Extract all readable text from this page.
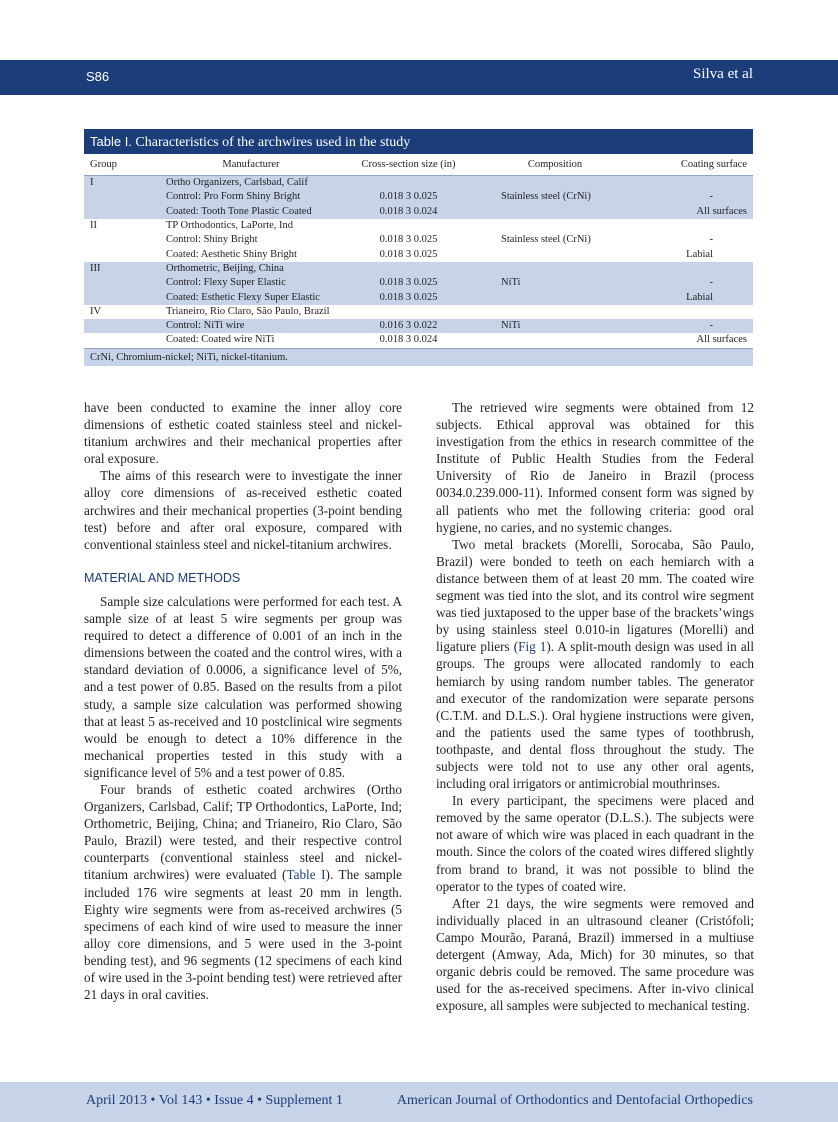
S86	Silva et al
Table I. Characteristics of the archwires used in the study
Group	Manufacturer	Cross-section size (in)	Composition	Coating surface
I	Ortho Organizers, Carlsbad, Calif			
	Control: Pro Form Shiny Bright	0.018 3 0.025	Stainless steel (CrNi)	-
	Coated: Tooth Tone Plastic Coated	0.018 3 0.024		All surfaces
II	TP Orthodontics, LaPorte, Ind			
	Control: Shiny Bright	0.018 3 0.025	Stainless steel (CrNi)	-
	Coated: Aesthetic Shiny Bright	0.018 3 0.025		Labial
III	Orthometric, Beijing, China			
	Control: Flexy Super Elastic	0.018 3 0.025	NiTi	-
	Coated: Esthetic Flexy Super Elastic	0.018 3 0.025		Labial
IV	Trianeiro, Rio Claro, São Paulo, Brazil			
	Control: NiTi wire	0.016 3 0.022	NiTi	-
	Coated: Coated wire NiTi	0.018 3 0.024		All surfaces
CrNi, Chromium-nickel; NiTi, nickel-titanium.

have been conducted to examine the inner alloy core dimensions of esthetic coated stainless steel and nickel-titanium archwires and their mechanical properties after oral exposure.

The aims of this research were to investigate the inner alloy core dimensions of as-received esthetic coated archwires and their mechanical properties (3-point bending test) before and after oral exposure, compared with conventional stainless steel and nickel-titanium archwires.

MATERIAL AND METHODS

Sample size calculations were performed for each test. A sample size of at least 5 wire segments per group was required to detect a difference of 0.001 of an inch in the dimensions between the coated and the control wires, with a standard deviation of 0.0006, a significance level of 5%, and a test power of 0.85. Based on the results from a pilot study, a sample size calculation was performed showing that at least 5 as-received and 10 postclinical wire segments would be enough to detect a 10% difference in the mechanical properties tested in this study with a significance level of 5% and a test power of 0.85.

Four brands of esthetic coated archwires (Ortho Organizers, Carlsbad, Calif; TP Orthodontics, LaPorte, Ind; Orthometric, Beijing, China; and Trianeiro, Rio Claro, São Paulo, Brazil) were tested, and their respective control counterparts (conventional stainless steel and nickel-titanium archwires) were evaluated (Table I). The sample included 176 wire segments at least 20 mm in length. Eighty wire segments were from as-received archwires (5 specimens of each kind of wire used to measure the inner alloy core dimensions, and 5 were used in the 3-point bending test), and 96 segments (12 specimens of each kind of wire used in the 3-point bending test) were retrieved after 21 days in oral cavities.

The retrieved wire segments were obtained from 12 subjects. Ethical approval was obtained for this investigation from the ethics in research committee of the Institute of Public Health Studies from the Federal University of Rio de Janeiro in Brazil (process 0034.0.239.000-11). Informed consent form was signed by all patients who met the following criteria: good oral hygiene, no caries, and no systemic changes.

Two metal brackets (Morelli, Sorocaba, São Paulo, Brazil) were bonded to teeth on each hemiarch with a distance between them of at least 20 mm. The coated wire segment was tied into the slot, and its control wire segment was tied juxtaposed to the upper base of the brackets’wings by using stainless steel 0.010-in ligatures (Morelli) and ligature pliers (Fig 1). A split-mouth design was used in all groups. The groups were allocated randomly to each hemiarch by using random number tables. The generator and executor of the randomization were separate persons (C.T.M. and D.L.S.). Oral hygiene instructions were given, and the patients used the same types of toothbrush, toothpaste, and dental floss throughout the study. The subjects were told not to use any other oral agents, including oral irrigators or antimicrobial mouthrinses.

In every participant, the specimens were placed and removed by the same operator (D.L.S.). The subjects were not aware of which wire was placed in each quadrant in the mouth. Since the colors of the coated wires differed slightly from brand to brand, it was not possible to blind the operator to the types of coated wire.

After 21 days, the wire segments were removed and individually placed in an ultrasound cleaner (Cristófoli; Campo Mourão, Paraná, Brazil) immersed in a multiuse detergent (Amway, Ada, Mich) for 30 minutes, so that organic debris could be removed. The same procedure was used for the as-received specimens. After in-vivo clinical exposure, all samples were subjected to mechanical testing.

April 2013 • Vol 143 • Issue 4 • Supplement 1	American Journal of Orthodontics and Dentofacial Orthopedics
